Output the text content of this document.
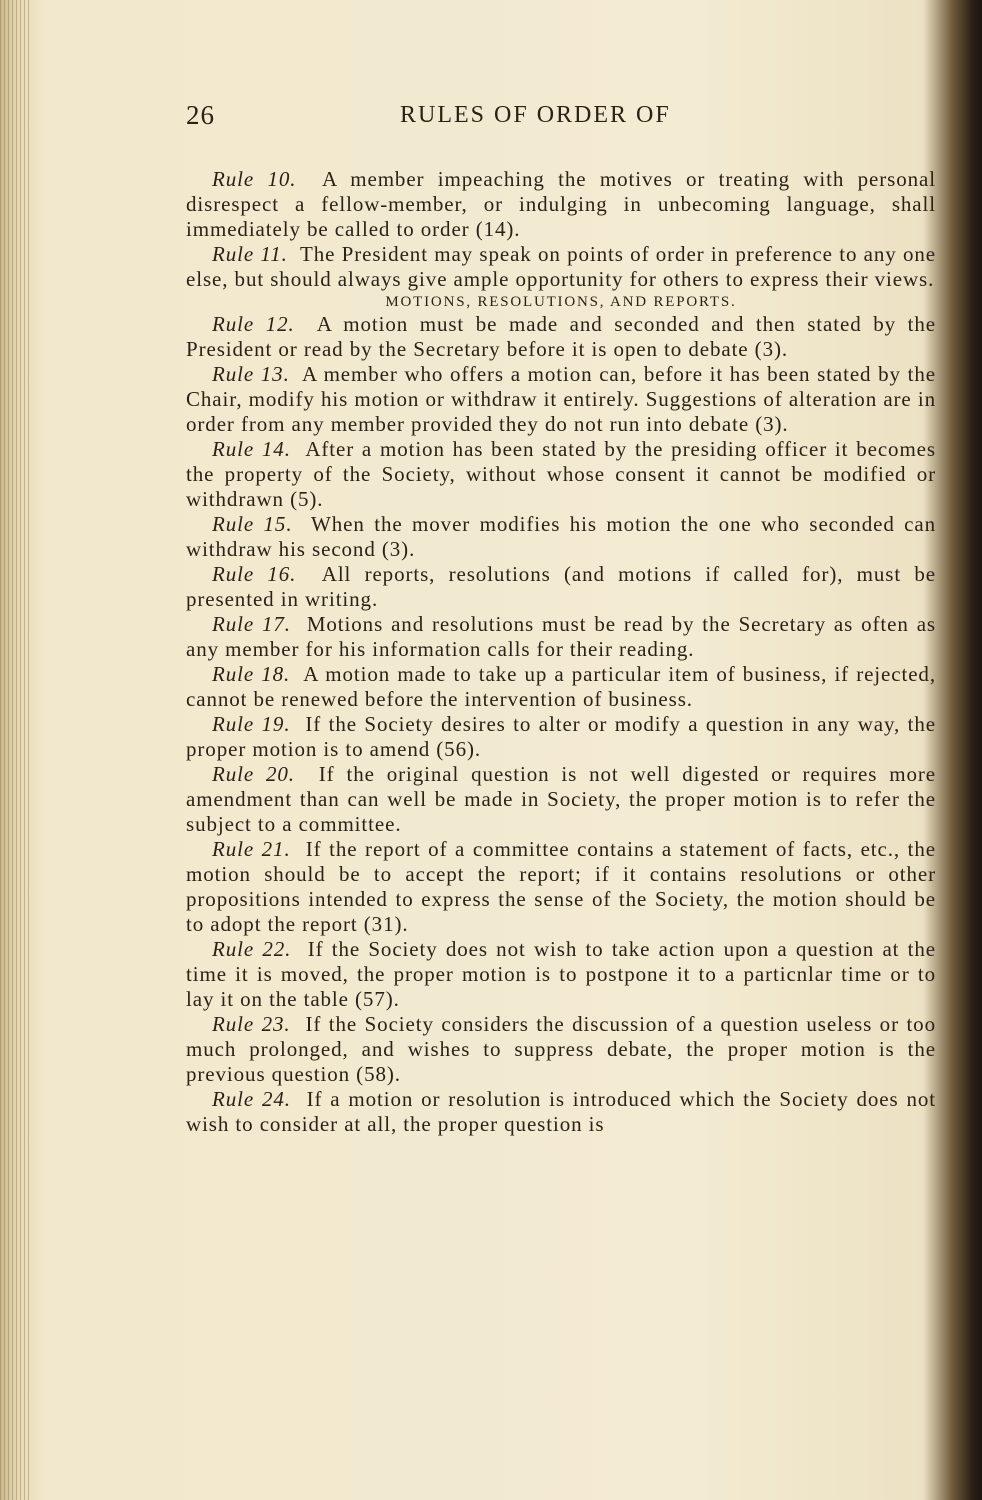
26	RULES OF ORDER OF

Rule 10. A member impeaching the motives or treating with personal disrespect a fellow-member, or indulging in unbecoming language, shall immediately be called to order (14).

Rule 11. The President may speak on points of order in preference to any one else, but should always give ample opportunity for others to express their views.

MOTIONS, RESOLUTIONS, AND REPORTS.

Rule 12. A motion must be made and seconded and then stated by the President or read by the Secretary before it is open to debate (3).

Rule 13. A member who offers a motion can, before it has been stated by the Chair, modify his motion or withdraw it entirely. Suggestions of alteration are in order from any member provided they do not run into debate (3).

Rule 14. After a motion has been stated by the presiding officer it becomes the property of the Society, without whose consent it cannot be modified or withdrawn (5).

Rule 15. When the mover modifies his motion the one who seconded can withdraw his second (3).

Rule 16. All reports, resolutions (and motions if called for), must be presented in writing.

Rule 17. Motions and resolutions must be read by the Secretary as often as any member for his information calls for their reading.

Rule 18. A motion made to take up a particular item of business, if rejected, cannot be renewed before the intervention of business.

Rule 19. If the Society desires to alter or modify a question in any way, the proper motion is to amend (56).

Rule 20. If the original question is not well digested or requires more amendment than can well be made in Society, the proper motion is to refer the subject to a committee.

Rule 21. If the report of a committee contains a statement of facts, etc., the motion should be to accept the report; if it contains resolutions or other propositions intended to express the sense of the Society, the motion should be to adopt the report (31).

Rule 22. If the Society does not wish to take action upon a question at the time it is moved, the proper motion is to postpone it to a particnlar time or to lay it on the table (57).

Rule 23. If the Society considers the discussion of a question useless or too much prolonged, and wishes to suppress debate, the proper motion is the previous question (58).

Rule 24. If a motion or resolution is introduced which the Society does not wish to consider at all, the proper question is
